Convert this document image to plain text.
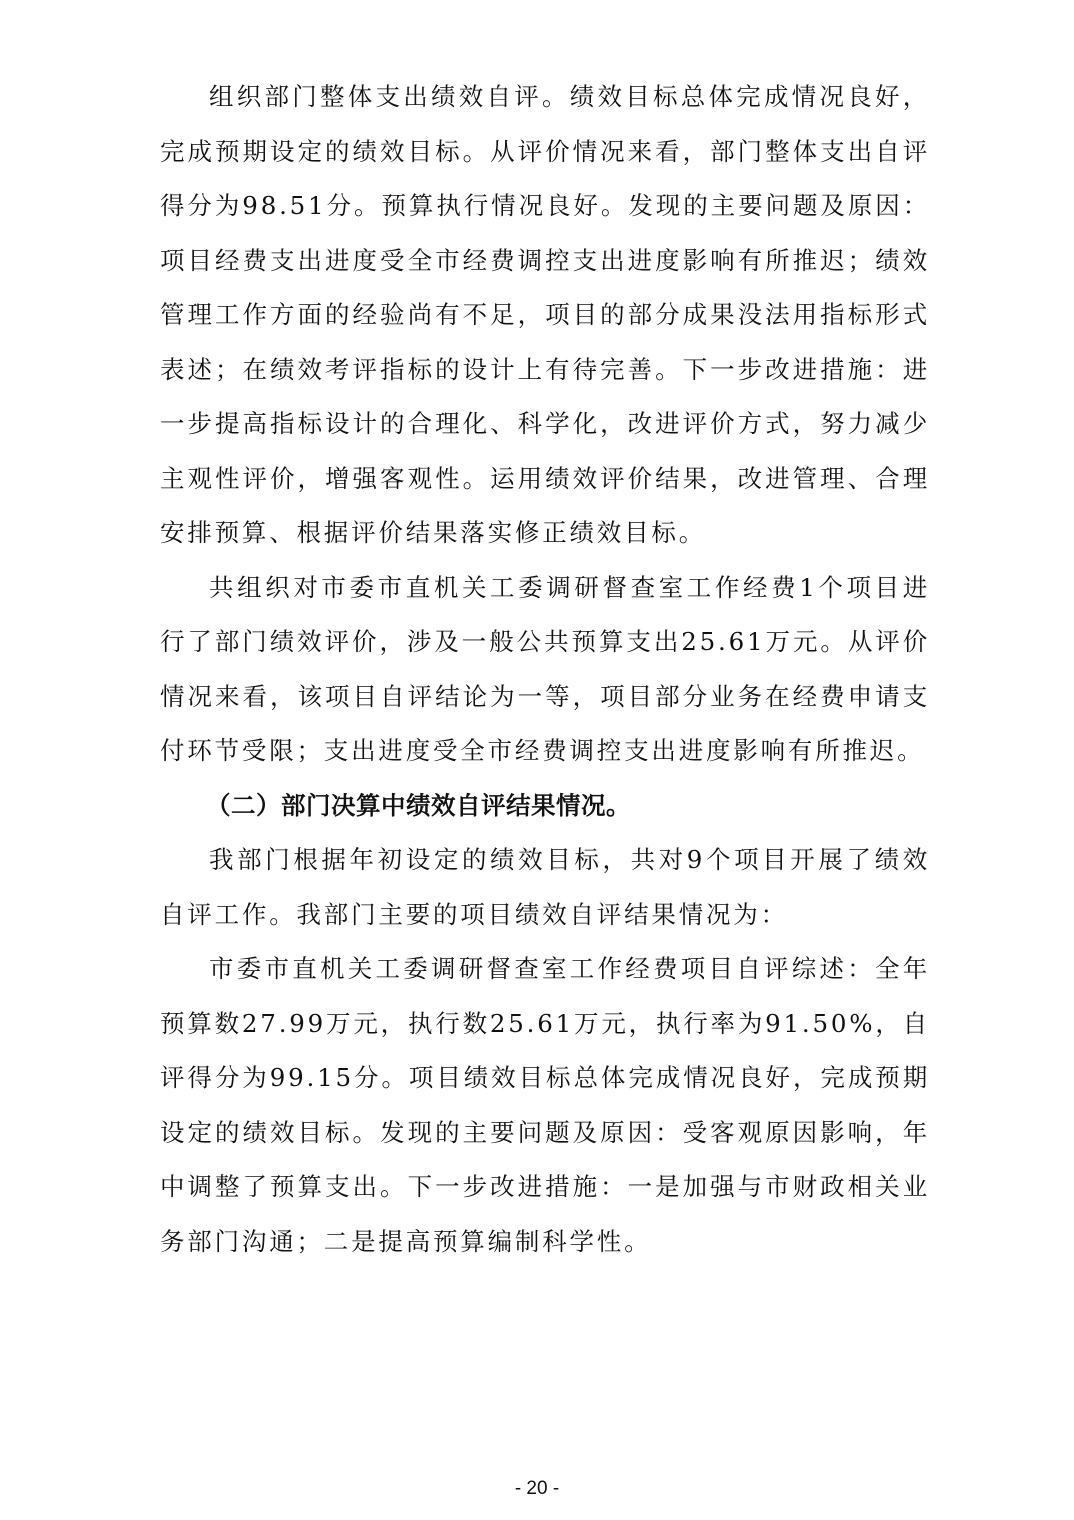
组织部门整体支出绩效自评。绩效目标总体完成情况良好，完成预期设定的绩效目标。从评价情况来看，部门整体支出自评得分为98.51分。预算执行情况良好。发现的主要问题及原因：项目经费支出进度受全市经费调控支出进度影响有所推迟；绩效管理工作方面的经验尚有不足，项目的部分成果没法用指标形式表述；在绩效考评指标的设计上有待完善。下一步改进措施：进一步提高指标设计的合理化、科学化，改进评价方式，努力减少主观性评价，增强客观性。运用绩效评价结果，改进管理、合理安排预算、根据评价结果落实修正绩效目标。

共组织对市委市直机关工委调研督查室工作经费1个项目进行了部门绩效评价，涉及一般公共预算支出25.61万元。从评价情况来看，该项目自评结论为一等，项目部分业务在经费申请支付环节受限；支出进度受全市经费调控支出进度影响有所推迟。

（二）部门决算中绩效自评结果情况。

我部门根据年初设定的绩效目标，共对9个项目开展了绩效自评工作。我部门主要的项目绩效自评结果情况为：

市委市直机关工委调研督查室工作经费项目自评综述：全年预算数27.99万元，执行数25.61万元，执行率为91.50%，自评得分为99.15分。项目绩效目标总体完成情况良好，完成预期设定的绩效目标。发现的主要问题及原因：受客观原因影响，年中调整了预算支出。下一步改进措施：一是加强与市财政相关业务部门沟通；二是提高预算编制科学性。

- 20 -
